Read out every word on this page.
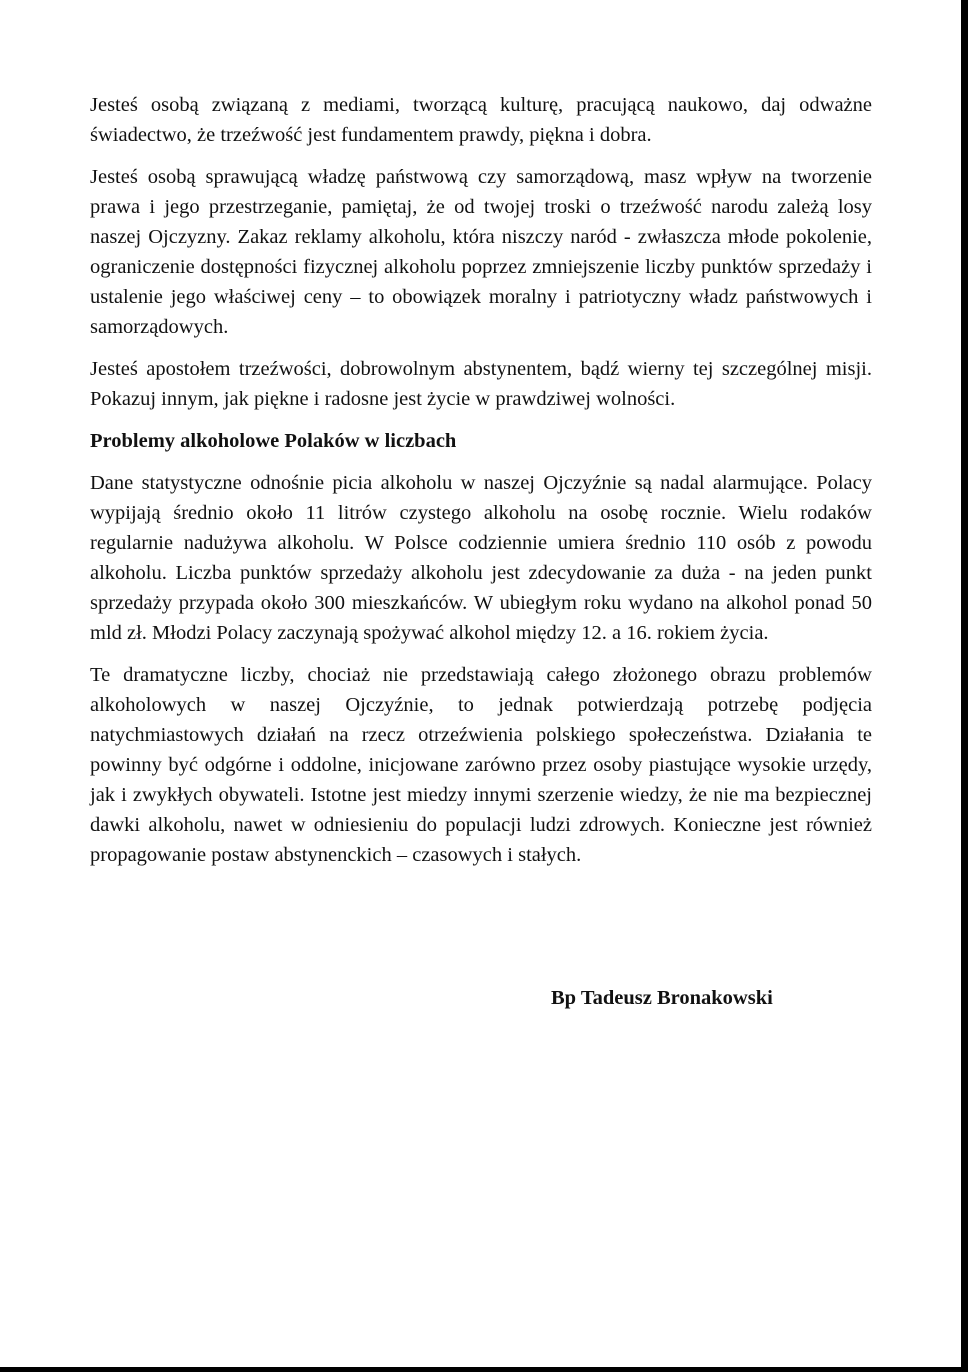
Jesteś osobą związaną z mediami, tworzącą kulturę, pracującą naukowo, daj odważne świadectwo, że trzeźwość jest fundamentem prawdy, piękna i dobra.

Jesteś osobą sprawującą władzę państwową czy samorządową, masz wpływ na tworzenie prawa i jego przestrzeganie, pamiętaj, że od twojej troski o trzeźwość narodu zależą losy naszej Ojczyzny. Zakaz reklamy alkoholu, która niszczy naród - zwłaszcza młode pokolenie, ograniczenie dostępności fizycznej alkoholu poprzez zmniejszenie liczby punktów sprzedaży i ustalenie jego właściwej ceny – to obowiązek moralny i patriotyczny władz państwowych i samorządowych.

Jesteś apostołem trzeźwości, dobrowolnym abstynentem, bądź wierny tej szczególnej misji. Pokazuj innym, jak piękne i radosne jest życie w prawdziwej wolności.

Problemy alkoholowe Polaków w liczbach

Dane statystyczne odnośnie picia alkoholu w naszej Ojczyźnie są nadal alarmujące. Polacy wypijają średnio około 11 litrów czystego alkoholu na osobę rocznie. Wielu rodaków regularnie nadużywa alkoholu. W Polsce codziennie umiera średnio 110 osób z powodu alkoholu. Liczba punktów sprzedaży alkoholu jest zdecydowanie za duża - na jeden punkt sprzedaży przypada około 300 mieszkańców. W ubiegłym roku wydano na alkohol ponad 50 mld zł. Młodzi Polacy zaczynają spożywać alkohol między 12. a 16. rokiem życia.

Te dramatyczne liczby, chociaż nie przedstawiają całego złożonego obrazu problemów alkoholowych w naszej Ojczyźnie, to jednak potwierdzają potrzebę podjęcia natychmiastowych działań na rzecz otrzeźwienia polskiego społeczeństwa. Działania te powinny być odgórne i oddolne, inicjowane zarówno przez osoby piastujące wysokie urzędy, jak i zwykłych obywateli. Istotne jest miedzy innymi szerzenie wiedzy, że nie ma bezpiecznej dawki alkoholu, nawet w odniesieniu do populacji ludzi zdrowych. Konieczne jest również propagowanie postaw abstynenckich – czasowych i stałych.

Bp Tadeusz Bronakowski
